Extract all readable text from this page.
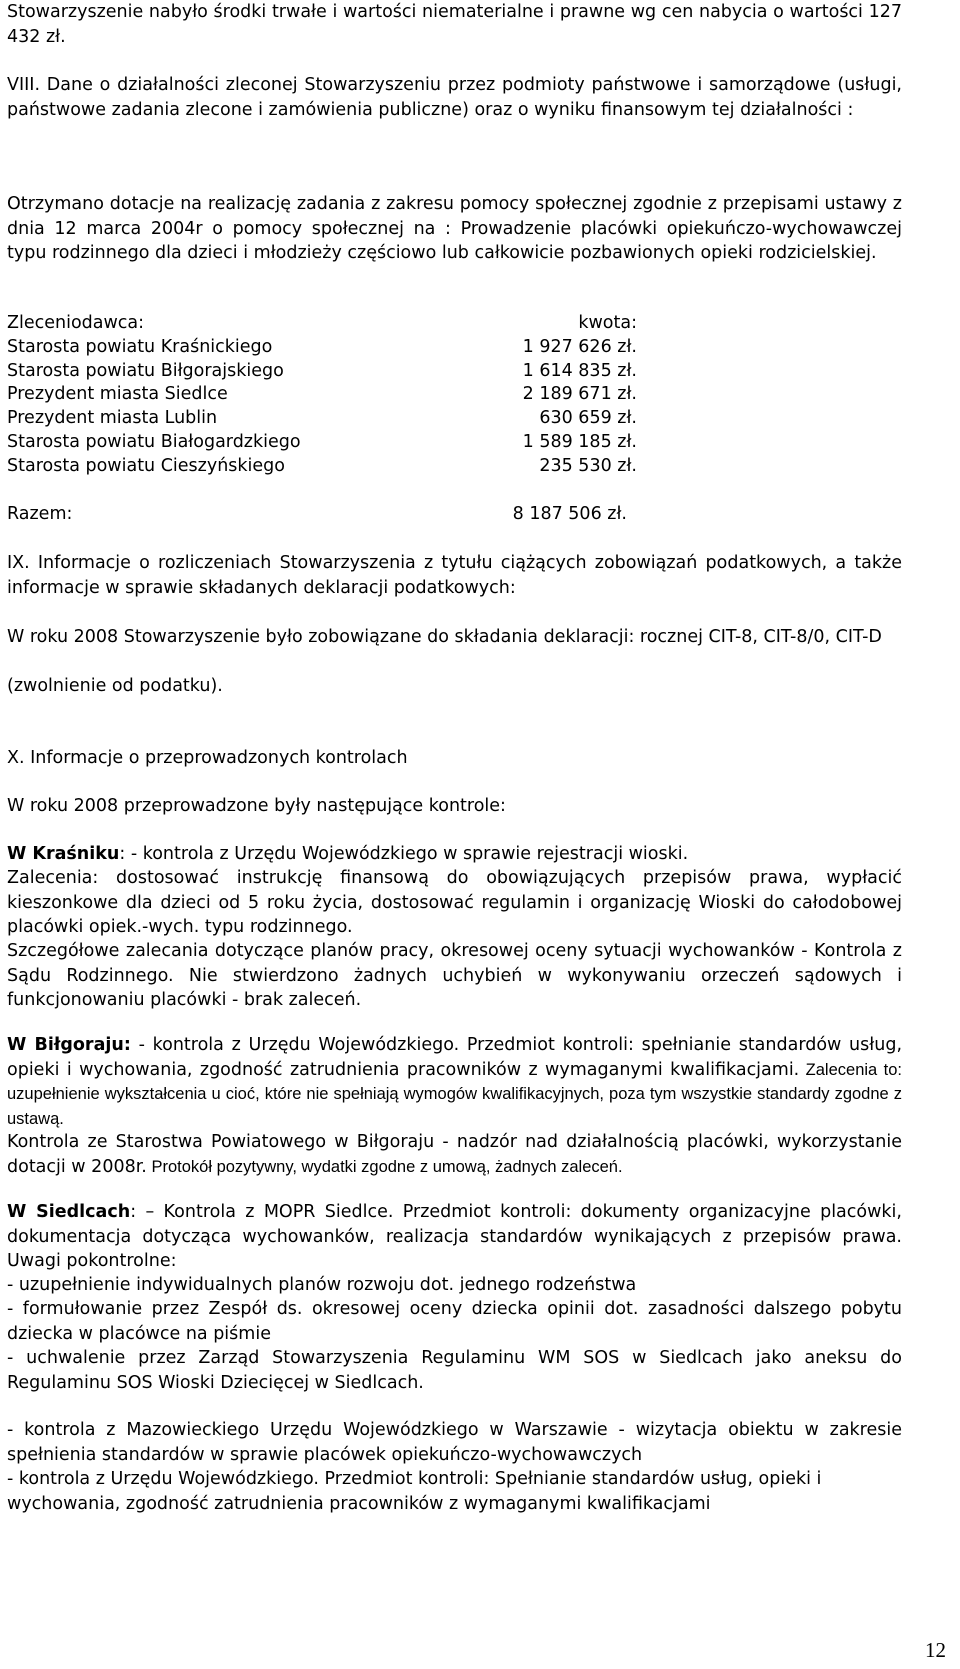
Stowarzyszenie nabyło środki trwałe i wartości niematerialne i prawne wg cen nabycia o wartości 127 432 zł.

VIII. Dane o działalności zleconej Stowarzyszeniu przez podmioty państwowe i samorządowe (usługi, państwowe zadania zlecone i zamówienia publiczne) oraz o wyniku finansowym tej działalności :

Otrzymano dotacje na realizację zadania z zakresu pomocy społecznej zgodnie z przepisami ustawy z dnia 12 marca 2004r o pomocy społecznej na : Prowadzenie placówki opiekuńczo-wychowawczej typu rodzinnego dla dzieci i młodzieży częściowo lub całkowicie pozbawionych opieki rodzicielskiej.

Zleceniodawca:	kwota:
Starosta powiatu Kraśnickiego	1 927 626 zł.
Starosta powiatu Biłgorajskiego	1 614 835 zł.
Prezydent miasta Siedlce	2 189 671 zł.
Prezydent miasta Lublin	630 659 zł.
Starosta powiatu Białogardzkiego	1 589 185 zł.
Starosta powiatu Cieszyńskiego	235 530 zł.
Razem:	8 187 506 zł.

IX. Informacje o rozliczeniach Stowarzyszenia z tytułu ciążących zobowiązań podatkowych, a także informacje w sprawie składanych deklaracji podatkowych:

W roku 2008 Stowarzyszenie było zobowiązane do składania deklaracji: rocznej CIT-8, CIT-8/0, CIT-D

(zwolnienie od podatku).

X. Informacje o przeprowadzonych kontrolach

W roku 2008 przeprowadzone były następujące kontrole:

W Kraśniku: - kontrola z Urzędu Wojewódzkiego w sprawie rejestracji wioski.

Zalecenia: dostosować instrukcję finansową do obowiązujących przepisów prawa, wypłacić kieszonkowe dla dzieci od 5 roku życia, dostosować regulamin i organizację Wioski do całodobowej placówki opiek.-wych. typu rodzinnego.

Szczegółowe zalecania dotyczące planów pracy, okresowej oceny sytuacji wychowanków - Kontrola z Sądu Rodzinnego. Nie stwierdzono żadnych uchybień w wykonywaniu orzeczeń sądowych i funkcjonowaniu placówki - brak zaleceń.

W Biłgoraju: - kontrola z Urzędu Wojewódzkiego. Przedmiot kontroli: spełnianie standardów usług, opieki i wychowania, zgodność zatrudnienia pracowników z wymaganymi kwalifikacjami. Zalecenia to: uzupełnienie wykształcenia u cioć, które nie spełniają wymogów kwalifikacyjnych, poza tym wszystkie standardy zgodne z ustawą.

Kontrola ze Starostwa Powiatowego w Biłgoraju - nadzór nad działalnością placówki, wykorzystanie dotacji w 2008r. Protokół pozytywny, wydatki zgodne z umową, żadnych zaleceń.

W Siedlcach: – Kontrola z MOPR Siedlce. Przedmiot kontroli: dokumenty organizacyjne placówki, dokumentacja dotycząca wychowanków, realizacja standardów wynikających z przepisów prawa. Uwagi pokontrolne:

- uzupełnienie indywidualnych planów rozwoju dot. jednego rodzeństwa

- formułowanie przez Zespół ds. okresowej oceny dziecka opinii dot. zasadności dalszego pobytu dziecka w placówce na piśmie

- uchwalenie przez Zarząd Stowarzyszenia Regulaminu WM SOS w Siedlcach jako aneksu do Regulaminu SOS Wioski Dziecięcej w Siedlcach.

- kontrola z Mazowieckiego Urzędu Wojewódzkiego w Warszawie - wizytacja obiektu w zakresie spełnienia standardów w sprawie placówek opiekuńczo-wychowawczych

- kontrola z Urzędu Wojewódzkiego. Przedmiot kontroli: Spełnianie standardów usług, opieki i wychowania, zgodność zatrudnienia pracowników z wymaganymi kwalifikacjami

12
